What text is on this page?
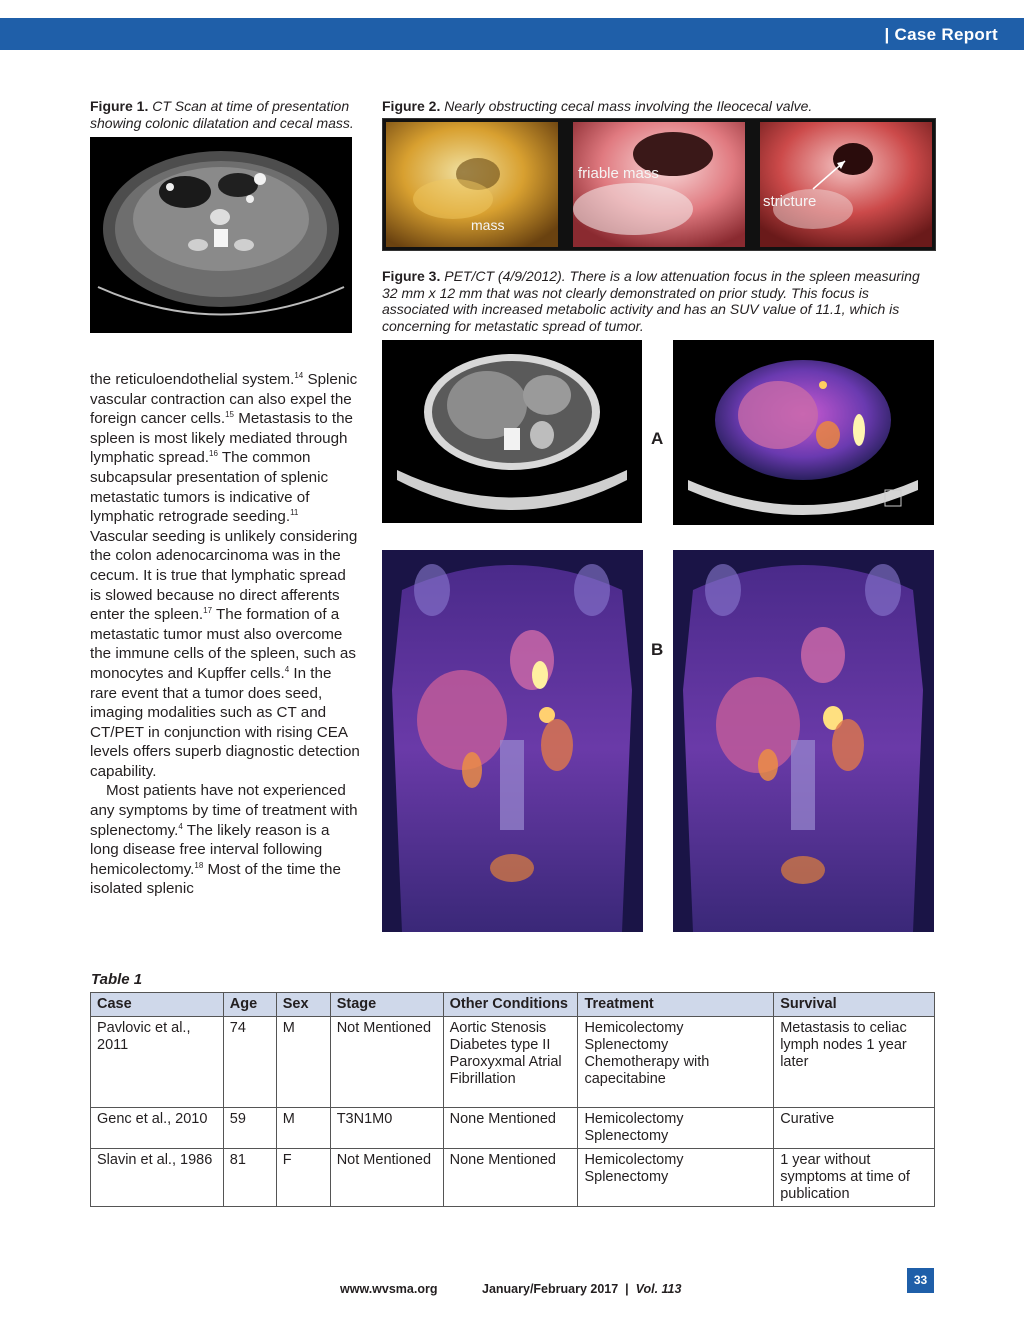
| Case Report
Figure 1. CT Scan at time of presentation showing colonic dilatation and cecal mass.
Figure 2. Nearly obstructing cecal mass involving the Ileocecal valve.
mass
friable mass
stricture
Figure 3. PET/CT (4/9/2012). There is a low attenuation focus in the spleen measuring 32 mm x 12 mm that was not clearly demonstrated on prior study. This focus is associated with increased metabolic activity and has an SUV value of 11.1, which is concerning for metastatic spread of tumor.
A
B

the reticuloendothelial system.$^{14}$ Splenic vascular contraction can also expel the foreign cancer cells.$^{15}$ Metastasis to the spleen is most likely mediated through lymphatic spread.$^{16}$ The common subcapsular presentation of splenic metastatic tumors is indicative of lymphatic retrograde seeding.$^{11}$ Vascular seeding is unlikely considering the colon adenocarcinoma was in the cecum. It is true that lymphatic spread is slowed because no direct afferents enter the spleen.$^{17}$ The formation of a metastatic tumor must also overcome the immune cells of the spleen, such as monocytes and Kupffer cells.$^4$ In the rare event that a tumor does seed, imaging modalities such as CT and CT/PET in conjunction with rising CEA levels offers superb diagnostic detection capability.

Most patients have not experienced any symptoms by time of treatment with splenectomy.$^4$ The likely reason is a long disease free interval following hemicolectomy.$^{18}$ Most of the time the isolated splenic

Table 1
Case	Age	Sex	Stage	Other Conditions	Treatment	Survival
Pavlovic et al., 2011	74	M	Not Mentioned	Aortic Stenosis
Diabetes type II
Paroxyxmal Atrial Fibrillation	Hemicolectomy
Splenectomy
Chemotherapy with capecitabine	Metastasis to celiac lymph nodes 1 year later
Genc et al., 2010	59	M	T3N1M0	None Mentioned	Hemicolectomy
Splenectomy	Curative
Slavin et al., 1986	81	F	Not Mentioned	None Mentioned	Hemicolectomy
Splenectomy	1 year without symptoms at time of publication
www.wvsma.org	January/February 2017 | Vol. 113
33
